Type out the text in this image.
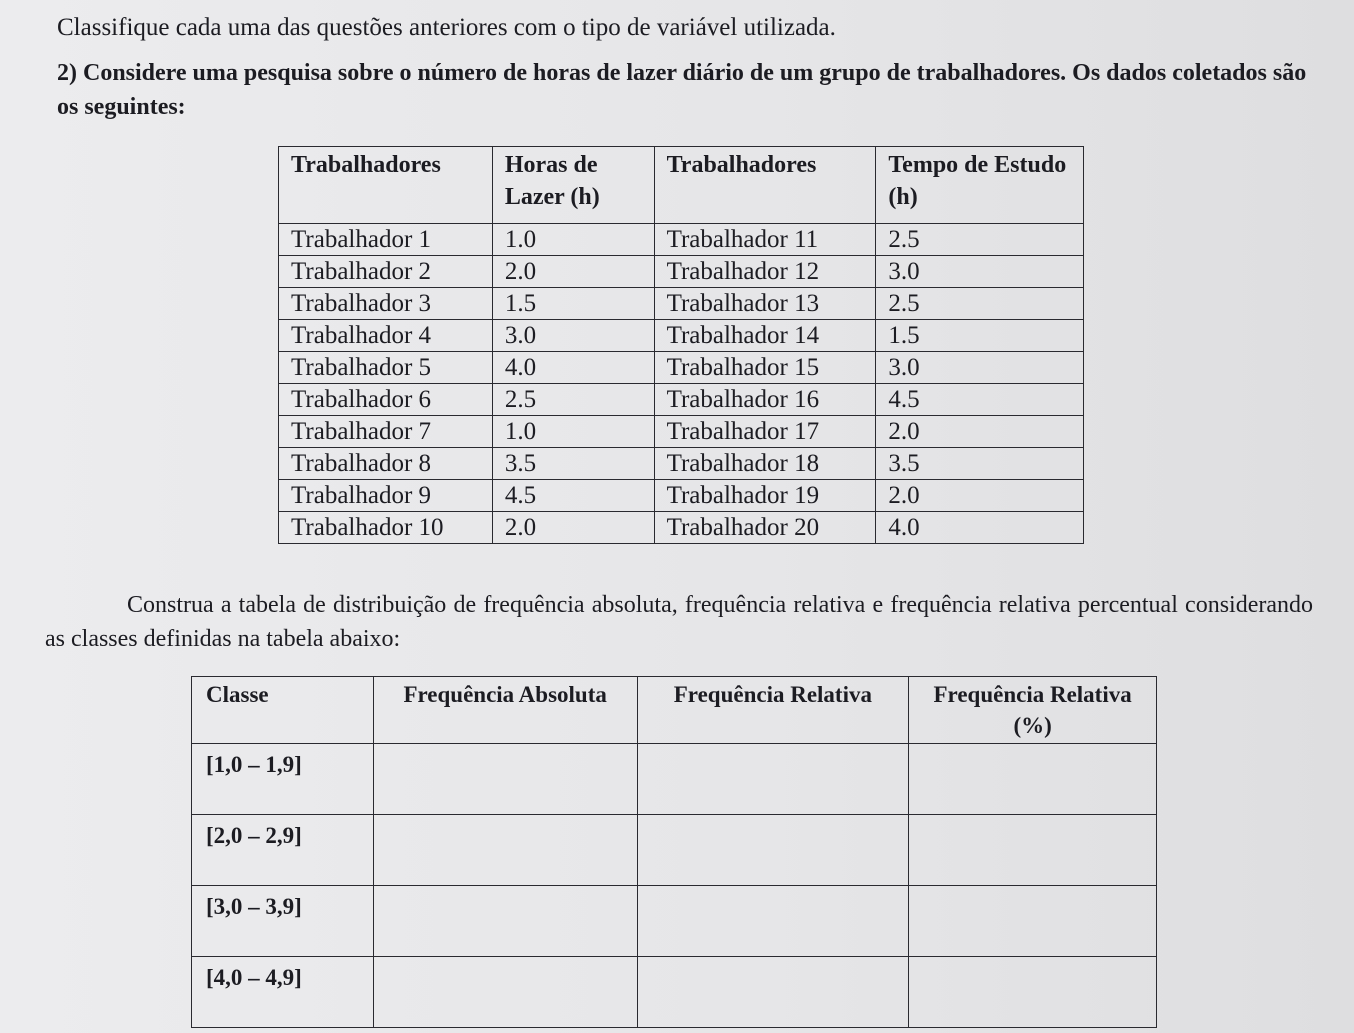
Classifique cada uma das questões anteriores com o tipo de variável utilizada.
2) Considere uma pesquisa sobre o número de horas de lazer diário de um grupo de trabalhadores. Os dados coletados são os seguintes:
Trabalhadores	Horas de Lazer (h)	Trabalhadores	Tempo de Estudo (h)
Trabalhador 1	1.0	Trabalhador 11	2.5
Trabalhador 2	2.0	Trabalhador 12	3.0
Trabalhador 3	1.5	Trabalhador 13	2.5
Trabalhador 4	3.0	Trabalhador 14	1.5
Trabalhador 5	4.0	Trabalhador 15	3.0
Trabalhador 6	2.5	Trabalhador 16	4.5
Trabalhador 7	1.0	Trabalhador 17	2.0
Trabalhador 8	3.5	Trabalhador 18	3.5
Trabalhador 9	4.5	Trabalhador 19	2.0
Trabalhador 10	2.0	Trabalhador 20	4.0
Construa a tabela de distribuição de frequência absoluta, frequência relativa e frequência relativa percentual considerando as classes definidas na tabela abaixo:
Classe	Frequência Absoluta	Frequência Relativa	Frequência Relativa (%)
[1,0 – 1,9]			
[2,0 – 2,9]			
[3,0 – 3,9]			
[4,0 – 4,9]			
